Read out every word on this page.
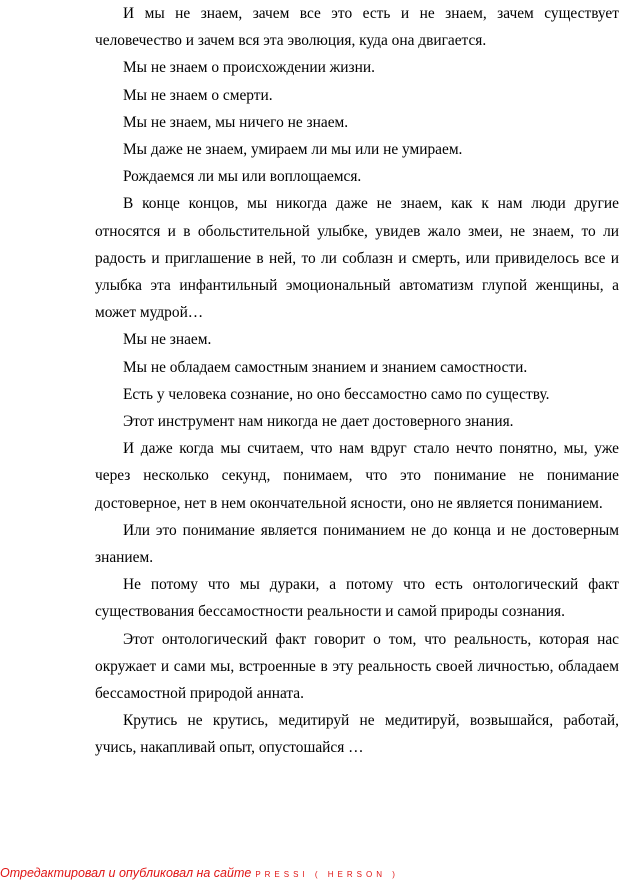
И мы не знаем, зачем все это есть и не знаем, зачем существует человечество и зачем вся эта эволюция, куда она двигается.

Мы не знаем о происхождении жизни.

Мы не знаем о смерти.

Мы не знаем, мы ничего не знаем.

Мы даже не знаем, умираем ли мы или не умираем.

Рождаемся ли мы или воплощаемся.

В конце концов, мы никогда даже не знаем, как к нам люди другие относятся и в обольстительной улыбке, увидев жало змеи, не знаем, то ли радость и приглашение в ней, то ли соблазн и смерть, или привиделось все и улыбка эта инфантильный эмоциональный автоматизм глупой женщины, а может мудрой…

Мы не знаем.

Мы не обладаем самостным знанием и знанием самостности.

Есть у человека сознание, но оно бессамостно само по существу.

Этот инструмент нам никогда не дает достоверного знания.

И даже когда мы считаем, что нам вдруг стало нечто понятно, мы, уже через несколько секунд, понимаем, что это понимание не понимание достоверное, нет в нем окончательной ясности, оно не является пониманием.

Или это понимание является пониманием не до конца и не достоверным знанием.

Не потому что мы дураки, а потому что есть онтологический факт существования бессамостности реальности и самой природы сознания.

Этот онтологический факт говорит о том, что реальность, которая нас окружает и сами мы, встроенные в эту реальность своей личностью, обладаем бессамостной природой анната.

Крутись не крутись, медитируй не медитируй, возвышайся, работай, учись, накапливай опыт, опустошайся …

Отредактировал и опубликовал на сайте PRESSI ( HERSON )
